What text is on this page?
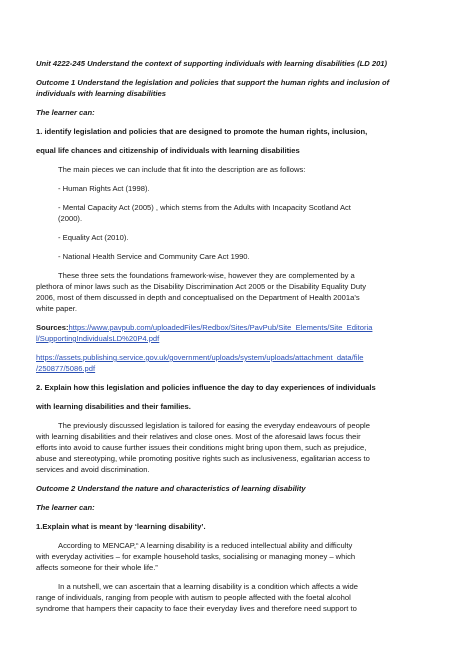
Unit 4222-245 Understand the context of supporting individuals with learning disabilities (LD 201)
Outcome 1 Understand the legislation and policies that support the human rights and inclusion of
individuals with learning disabilities
The learner can:
1. identify legislation and policies that are designed to promote the human rights, inclusion,
equal life chances and citizenship of individuals with learning disabilities
The main pieces we can include that fit into the description are as follows:
- Human Rights Act (1998).
- Mental Capacity Act (2005) , which stems from the Adults with Incapacity Scotland Act
(2000).
- Equality Act (2010).
- National Health Service and Community Care Act 1990.
These three sets the foundations framework-wise, however they are complemented by a
plethora of minor laws such as the Disability Discrimination Act 2005 or the Disability Equality Duty
2006, most of them discussed in depth and conceptualised on the Department of Health 2001a’s
white paper.
Sources:https://www.pavpub.com/uploadedFiles/Redbox/Sites/PavPub/Site_Elements/Site_Editoria
l/SupportingIndividualsLD%20P4.pdf
https://assets.publishing.service.gov.uk/government/uploads/system/uploads/attachment_data/file
/250877/5086.pdf
2. Explain how this legislation and policies influence the day to day experiences of individuals
with learning disabilities and their families.
The previously discussed legislation is tailored for easing the everyday endeavours of people
with learning disabilities and their relatives and close ones. Most of the aforesaid laws focus their
efforts into avoid to cause further issues their conditions might bring upon them, such as prejudice,
abuse and stereotyping, while promoting positive rights such as inclusiveness, egalitarian access to
services and avoid discrimination.
Outcome 2 Understand the nature and characteristics of learning disability
The learner can:
1.Explain what is meant by ‘learning disability’.
According to MENCAP,“ A learning disability is a reduced intellectual ability and difficulty
with everyday activities – for example household tasks, socialising or managing money – which
affects someone for their whole life.”
In a nutshell, we can ascertain that a learning disability is a condition which affects a wide
range of individuals, ranging from people with autism to people affected with the foetal alcohol
syndrome that hampers their capacity to face their everyday lives and therefore need support to
